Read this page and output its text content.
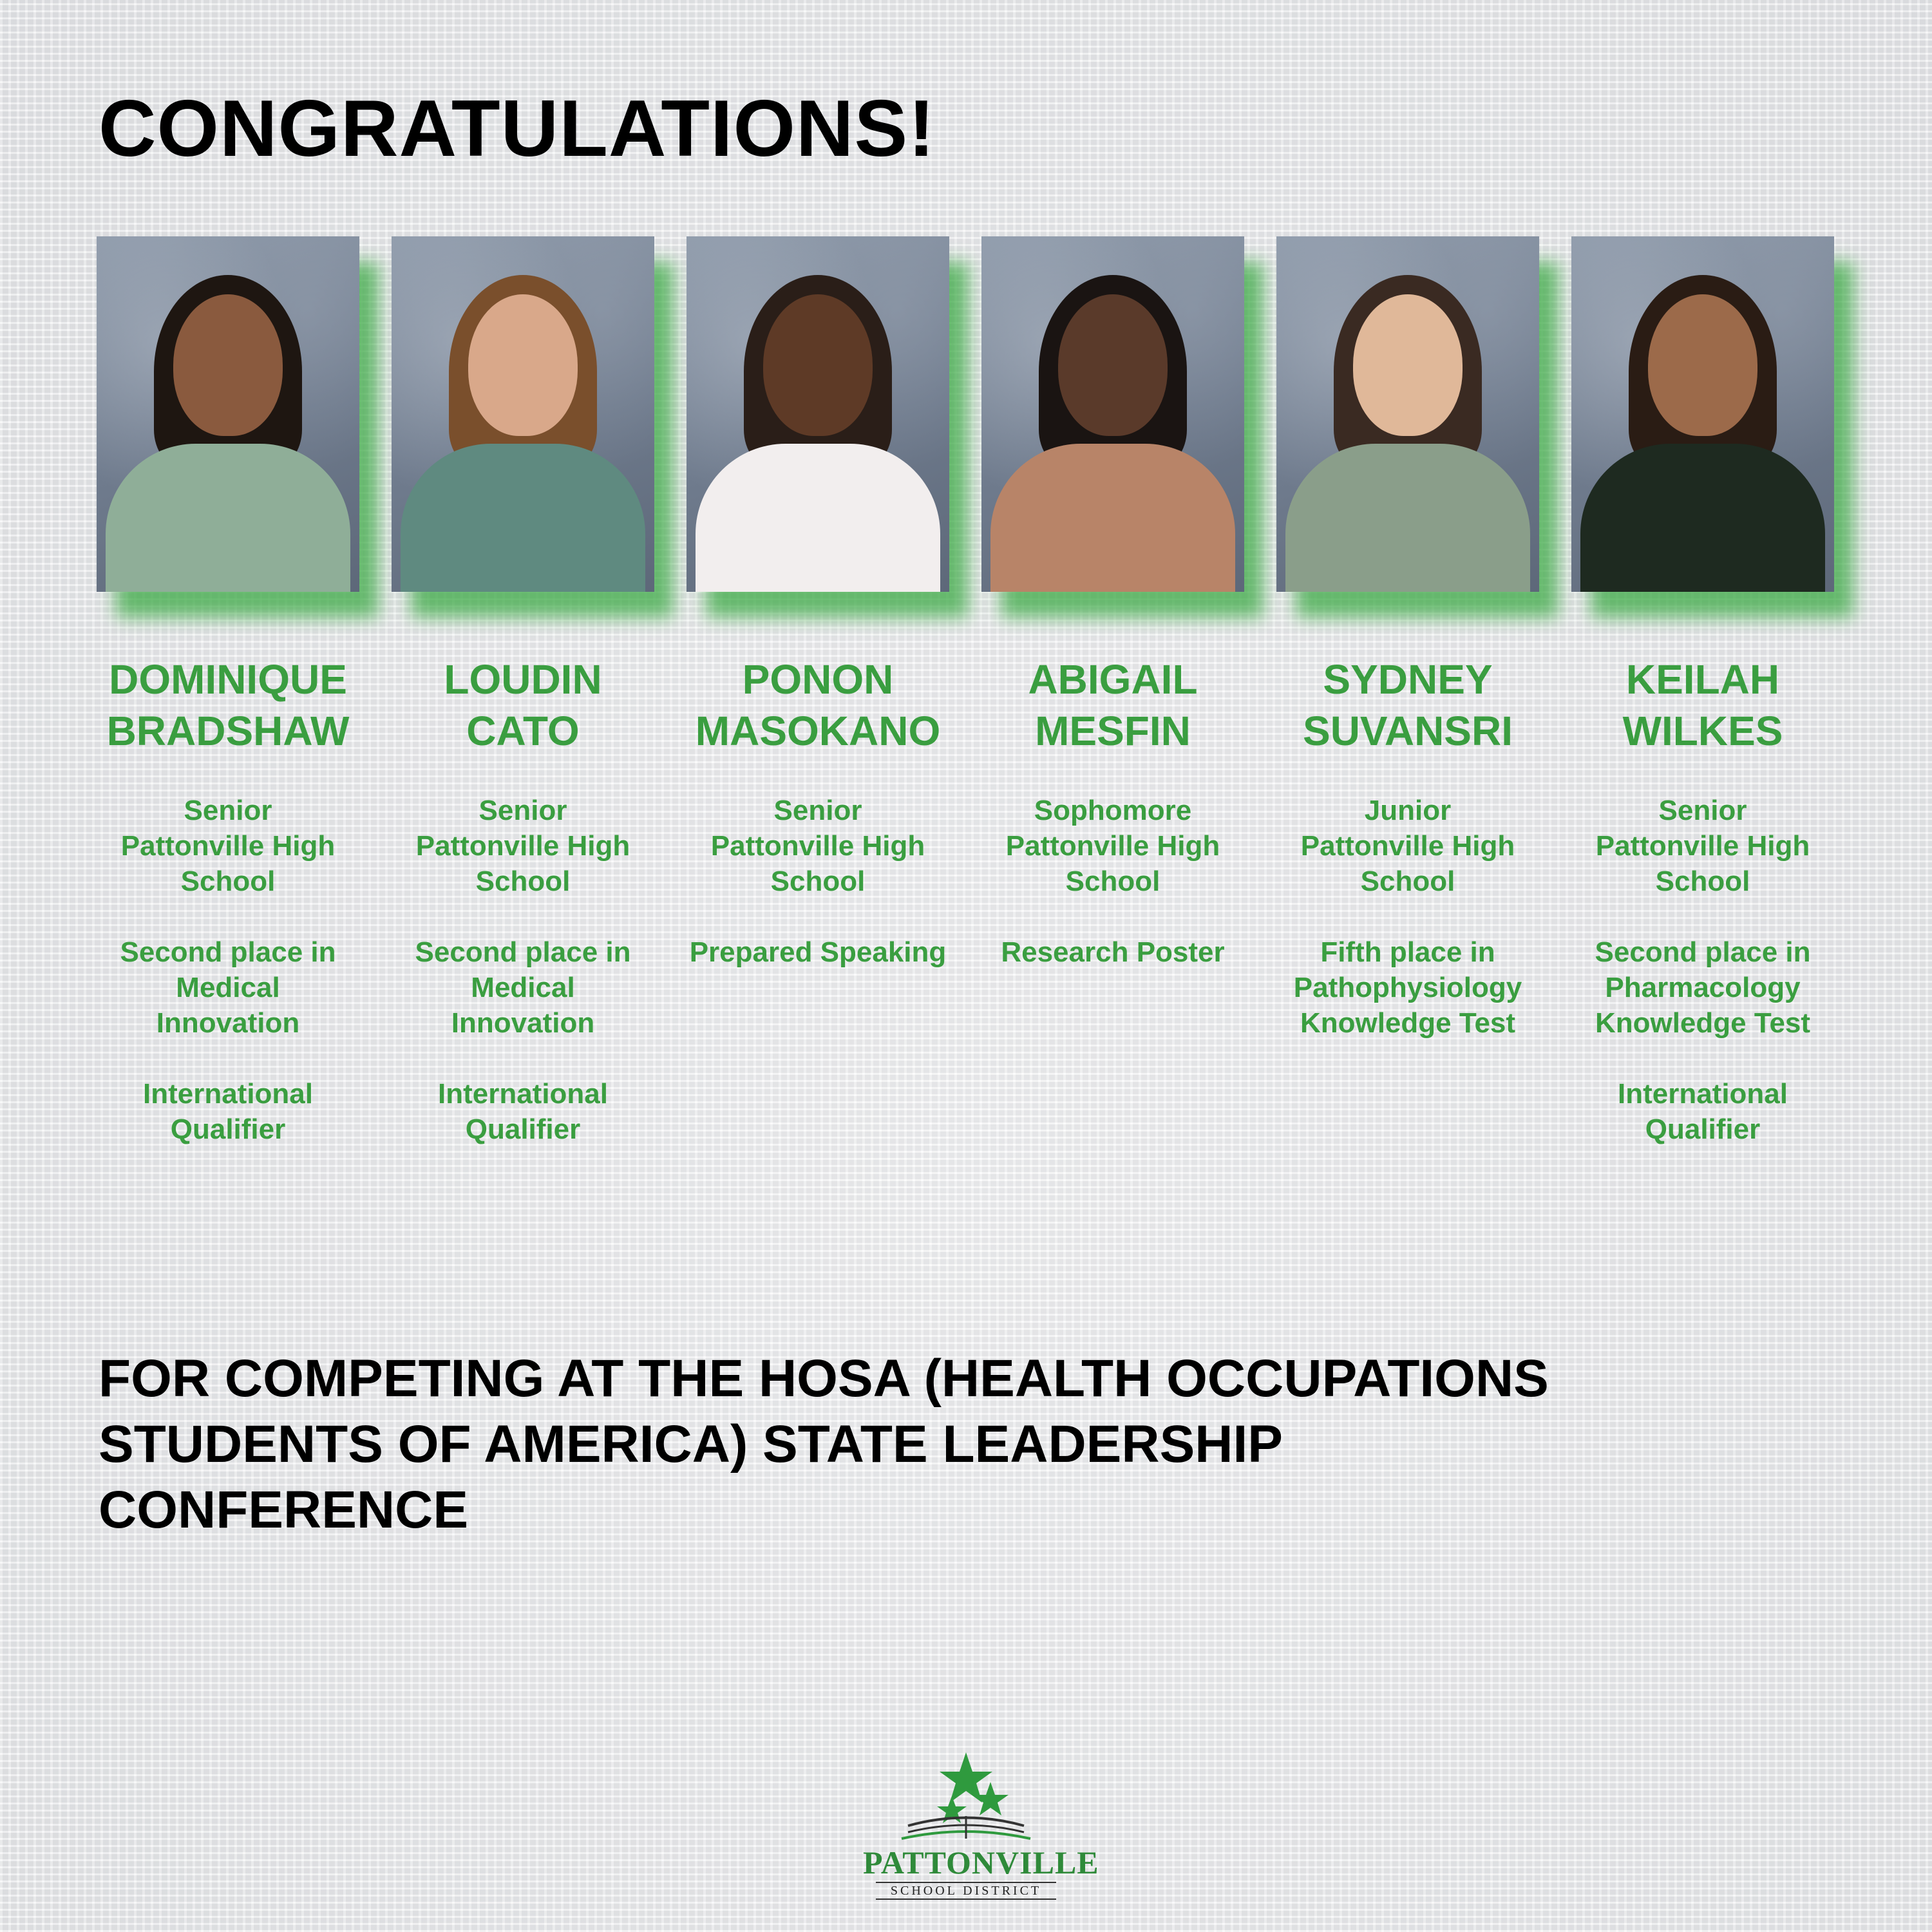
CONGRATULATIONS!

DOMINIQUE
BRADSHAW

Senior
Pattonville High
School
Second place in
Medical
Innovation
International
Qualifier

LOUDIN
CATO

Senior
Pattonville High
School
Second place in
Medical
Innovation
International
Qualifier

PONON
MASOKANO

Senior
Pattonville High
School
Prepared Speaking

ABIGAIL
MESFIN

Sophomore
Pattonville High
School
Research Poster

SYDNEY
SUVANSRI

Junior
Pattonville High
School
Fifth place in
Pathophysiology
Knowledge Test

KEILAH
WILKES

Senior
Pattonville High
School
Second place in
Pharmacology
Knowledge Test
International
Qualifier

FOR COMPETING AT THE HOSA (HEALTH OCCUPATIONS
STUDENTS OF AMERICA) STATE LEADERSHIP
CONFERENCE

PATTONVILLE
SCHOOL DISTRICT
